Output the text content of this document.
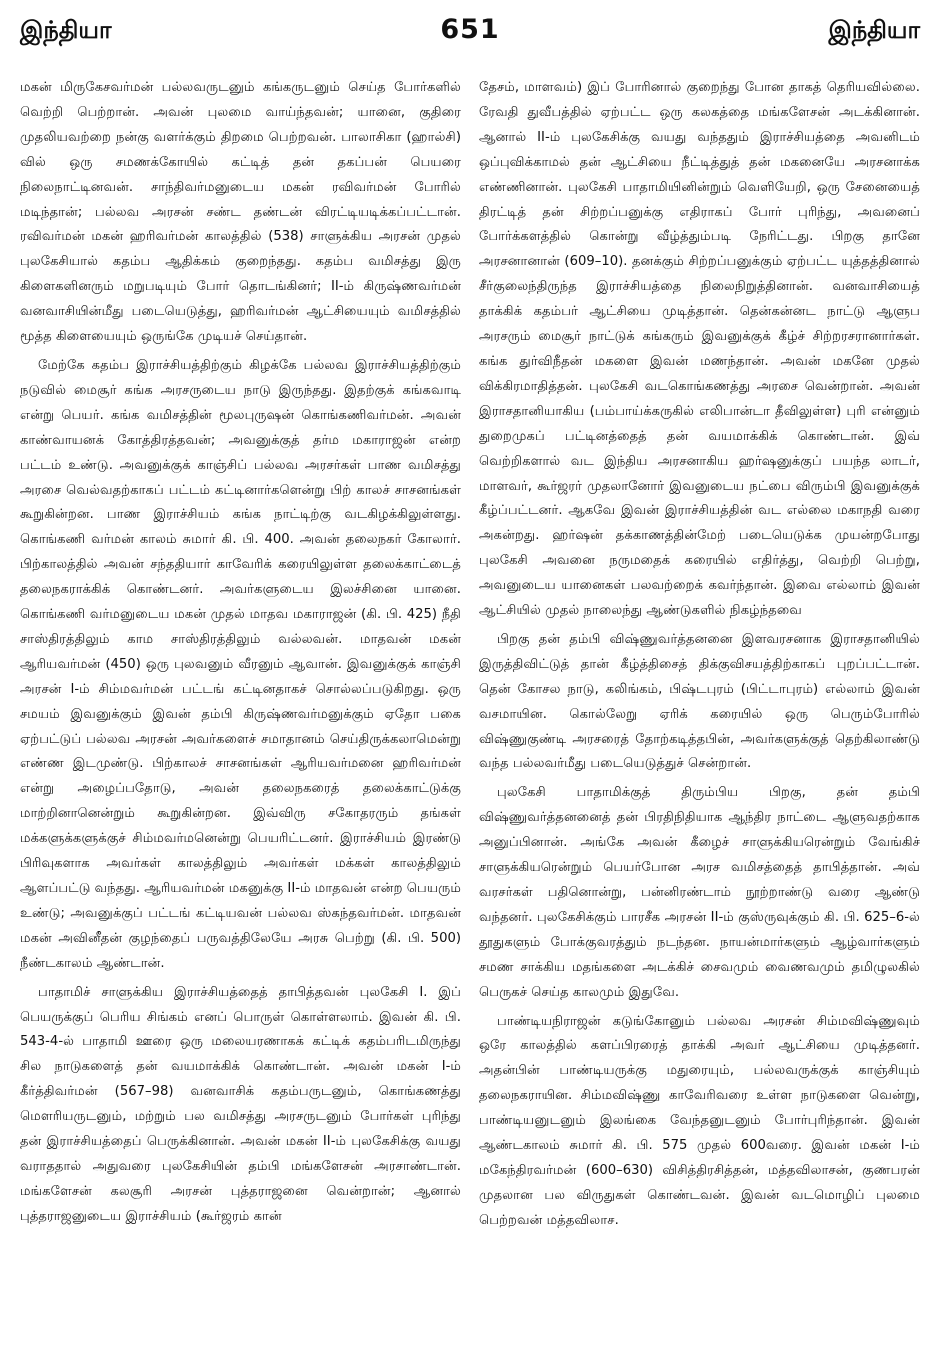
இந்தியா	651	இந்தியா

மகன் மிருகேசவர்மன் பல்லவருடனும் கங்கருடனும் செய்த போர்களில் வெற்றி பெற்றான். அவன் புலமை வாய்ந்தவன்; யானை, குதிரை முதலியவற்றை நன்கு வளர்க்கும் திறமை பெற்றவன். பாலாசிகா (ஹால்சி) வில் ஒரு சமணக்கோயில் கட்டித் தன் தகப்பன் பெயரை நிலைநாட்டினவன். சாந்திவர்மனுடைய மகன் ரவிவர்மன் போரில் மடிந்தான்; பல்லவ அரசன் சண்ட தண்டன் விரட்டியடிக்கப்பட்டான். ரவிவர்மன் மகன் ஹரிவர்மன் காலத்தில் (538) சாளுக்கிய அரசன் முதல் புலகேசியால் கதம்ப ஆதிக்கம் குறைந்தது. கதம்ப வமிசத்து இரு கிளைகளினரும் மறுபடியும் போர் தொடங்கினர்; II-ம் கிருஷ்ணவர்மன் வனவாசியின்மீது படையெடுத்து, ஹரிவர்மன் ஆட்சியையும் வமிசத்தில் மூத்த கிளையையும் ஒருங்கே முடியச் செய்தான்.

மேற்கே கதம்ப இராச்சியத்திற்கும் கிழக்கே பல்லவ இராச்சியத்திற்கும் நடுவில் மைசூர் கங்க அரசருடைய நாடு இருந்தது. இதற்குக் கங்கவாடி என்று பெயர். கங்க வமிசத்தின் மூலபுருஷன் கொங்கணிவர்மன். அவன் காண்வாயனக் கோத்திரத்தவன்; அவனுக்குத் தர்ம மகாராஜன் என்ற பட்டம் உண்டு. அவனுக்குக் காஞ்சிப் பல்லவ அரசர்கள் பாண வமிசத்து அரசை வெல்வதற்காகப் பட்டம் கட்டினார்களென்று பிற் காலச் சாசனங்கள் கூறுகின்றன. பாண இராச்சியம் கங்க நாட்டிற்கு வடகிழக்கிலுள்ளது. கொங்கணி வர்மன் காலம் சுமார் கி. பி. 400. அவன் தலைநகர் கோலார். பிற்காலத்தில் அவன் சந்ததியார் காவேரிக் கரையிலுள்ள தலைக்காட்டைத் தலைநகராக்கிக் கொண்டனர். அவர்களுடைய இலச்சினை யானை. கொங்கணி வர்மனுடைய மகன் முதல் மாதவ மகாராஜன் (கி. பி. 425) நீதி சாஸ்திரத்திலும் காம சாஸ்திரத்திலும் வல்லவன். மாதவன் மகன் ஆரியவர்மன் (450) ஒரு புலவனும் வீரனும் ஆவான். இவனுக்குக் காஞ்சி அரசன் I-ம் சிம்மவர்மன் பட்டங் கட்டினதாகச் சொல்லப்படுகிறது. ஒரு சமயம் இவனுக்கும் இவன் தம்பி கிருஷ்ணவர்மனுக்கும் ஏதோ பகை ஏற்பட்டுப் பல்லவ அரசன் அவர்களைச் சமாதானம் செய்திருக்கலாமென்று எண்ண இடமுண்டு. பிற்காலச் சாசனங்கள் ஆரியவர்மனை ஹரிவர்மன் என்று அழைப்பதோடு, அவன் தலைநகரைத் தலைக்காட்டுக்கு மாற்றினானென்றும் கூறுகின்றன. இவ்விரு சகோதரரும் தங்கள் மக்களுக்களுக்குச் சிம்மவர்மனென்று பெயரிட்டனர். இராச்சியம் இரண்டு பிரிவுகளாக அவர்கள் காலத்திலும் அவர்கள் மக்கள் காலத்திலும் ஆளப்பட்டு வந்தது. ஆரியவர்மன் மகனுக்கு II-ம் மாதவன் என்ற பெயரும் உண்டு; அவனுக்குப் பட்டங் கட்டியவன் பல்லவ ஸ்கந்தவர்மன். மாதவன் மகன் அவினீதன் குழந்தைப் பருவத்திலேயே அரசு பெற்று (கி. பி. 500) நீண்டகாலம் ஆண்டான்.

பாதாமிச் சாளுக்கிய இராச்சியத்தைத் தாபித்தவன் புலகேசி I. இப் பெயருக்குப் பெரிய சிங்கம் எனப் பொருள் கொள்ளலாம். இவன் கி. பி. 543-4-ல் பாதாமி ஊரை ஒரு மலையரணாகக் கட்டிக் கதம்பரிடமிருந்து சில நாடுகளைத் தன் வயமாக்கிக் கொண்டான். அவன் மகன் I-ம் கீர்த்திவர்மன் (567–98) வனவாசிக் கதம்பருடனும், கொங்கணத்து மௌரியருடனும், மற்றும் பல வமிசத்து அரசருடனும் போர்கள் புரிந்து தன் இராச்சியத்தைப் பெருக்கினான். அவன் மகன் II-ம் புலகேசிக்கு வயது வராததால் அதுவரை புலகேசியின் தம்பி மங்களேசன் அரசாண்டான். மங்களேசன் கலசூரி அரசன் புத்தராஜனை வென்றான்; ஆனால் புத்தராஜனுடைய இராச்சியம் (கூர்ஜரம் கான்

தேசம், மாளவம்) இப் போரினால் குறைந்து போன தாகத் தெரியவில்லை. ரேவதி துவீபத்தில் ஏற்பட்ட ஒரு கலகத்தை மங்களேசன் அடக்கினான். ஆனால் II-ம் புலகேசிக்கு வயது வந்ததும் இராச்சியத்தை அவனிடம் ஒப்புவிக்காமல் தன் ஆட்சியை நீட்டித்துத் தன் மகனையே அரசனாக்க எண்ணினான். புலகேசி பாதாமியினின்றும் வெளியேறி, ஒரு சேனையைத் திரட்டித் தன் சிற்றப்பனுக்கு எதிராகப் போர் புரிந்து, அவனைப் போர்க்களத்தில் கொன்று வீழ்த்தும்படி நேரிட்டது. பிறகு தானே அரசனானான் (609–10). தனக்கும் சிற்றப்பனுக்கும் ஏற்பட்ட யுத்தத்தினால் சீர்குலைந்திருந்த இராச்சியத்தை நிலைநிறுத்தினான். வனவாசியைத் தாக்கிக் கதம்பர் ஆட்சியை முடித்தான். தென்கன்னட நாட்டு ஆளுப அரசரும் மைசூர் நாட்டுக் கங்கரும் இவனுக்குக் கீழ்ச் சிற்றரசரானார்கள். கங்க துர்விநீதன் மகளை இவன் மணந்தான். அவன் மகனே முதல் விக்கிரமாதித்தன். புலகேசி வடகொங்கணத்து அரசை வென்றான். அவன் இராசதானியாகிய (பம்பாய்க்கருகில் எலிபான்டா தீவிலுள்ள) புரி என்னும் துறைமுகப் பட்டினத்தைத் தன் வயமாக்கிக் கொண்டான். இவ் வெற்றிகளால் வட இந்திய அரசனாகிய ஹர்ஷனுக்குப் பயந்த லாடர், மாளவர், கூர்ஜரர் முதலானோர் இவனுடைய நட்பை விரும்பி இவனுக்குக் கீழ்ப்பட்டனர். ஆகவே இவன் இராச்சியத்தின் வட எல்லை மகாநதி வரை அகன்றது. ஹர்ஷன் தக்காணத்தின்மேற் படையெடுக்க முயன்றபோது புலகேசி அவனை நருமதைக் கரையில் எதிர்த்து, வெற்றி பெற்று, அவனுடைய யானைகள் பலவற்றைக் கவர்ந்தான். இவை எல்லாம் இவன் ஆட்சியில் முதல் நாலைந்து ஆண்டுகளில் நிகழ்ந்தவை

பிறகு தன் தம்பி விஷ்ணுவர்த்தனனை இளவரசனாக இராசதானியில் இருத்திவிட்டுத் தான் கீழ்த்திசைத் திக்குவிசயத்திற்காகப் புறப்பட்டான். தென் கோசல நாடு, கலிங்கம், பிஷ்டபுரம் (பிட்டாபுரம்) எல்லாம் இவன் வசமாயின. கொல்லேறு ஏரிக் கரையில் ஒரு பெரும்போரில் விஷ்ணுகுண்டி அரசரைத் தோற்கடித்தபின், அவர்களுக்குத் தெற்கிலாண்டு வந்த பல்லவர்மீது படையெடுத்துச் சென்றான்.

புலகேசி பாதாமிக்குத் திரும்பிய பிறகு, தன் தம்பி விஷ்ணுவர்த்தனனைத் தன் பிரதிநிதியாக ஆந்திர நாட்டை ஆளுவதற்காக அனுப்பினான். அங்கே அவன் கீழைச் சாளுக்கியரென்றும் வேங்கிச் சாளுக்கியரென்றும் பெயர்போன அரச வமிசத்தைத் தாபித்தான். அவ் வரசர்கள் பதினொன்று, பன்னிரண்டாம் நூற்றாண்டு வரை ஆண்டு வந்தனர். புலகேசிக்கும் பாரசீக அரசன் II-ம் குஸ்ருவுக்கும் கி. பி. 625–6-ல் தூதுகளும் போக்குவரத்தும் நடந்தன. நாயன்மார்களும் ஆழ்வார்களும் சமண சாக்கிய மதங்களை அடக்கிச் சைவமும் வைணவமும் தமிழுலகில் பெருகச் செய்த காலமும் இதுவே.

பாண்டியநிராஜன் கடுங்கோனும் பல்லவ அரசன் சிம்மவிஷ்ணுவும் ஒரே காலத்தில் களப்பிரரைத் தாக்கி அவர் ஆட்சியை முடித்தனர். அதன்பின் பாண்டியருக்கு மதுரையும், பல்லவருக்குக் காஞ்சியும் தலைநகராயின. சிம்மவிஷ்ணு காவேரிவரை உள்ள நாடுகளை வென்று, பாண்டியனுடனும் இலங்கை வேந்தனுடனும் போர்புரிந்தான். இவன் ஆண்டகாலம் சுமார் கி. பி. 575 முதல் 600வரை. இவன் மகன் I-ம் மகேந்திரவர்மன் (600–630) விசித்திரசித்தன், மத்தவிலாசன், குணபரன் முதலான பல விருதுகள் கொண்டவன். இவன் வடமொழிப் புலமை பெற்றவன் மத்தவிலாச.
